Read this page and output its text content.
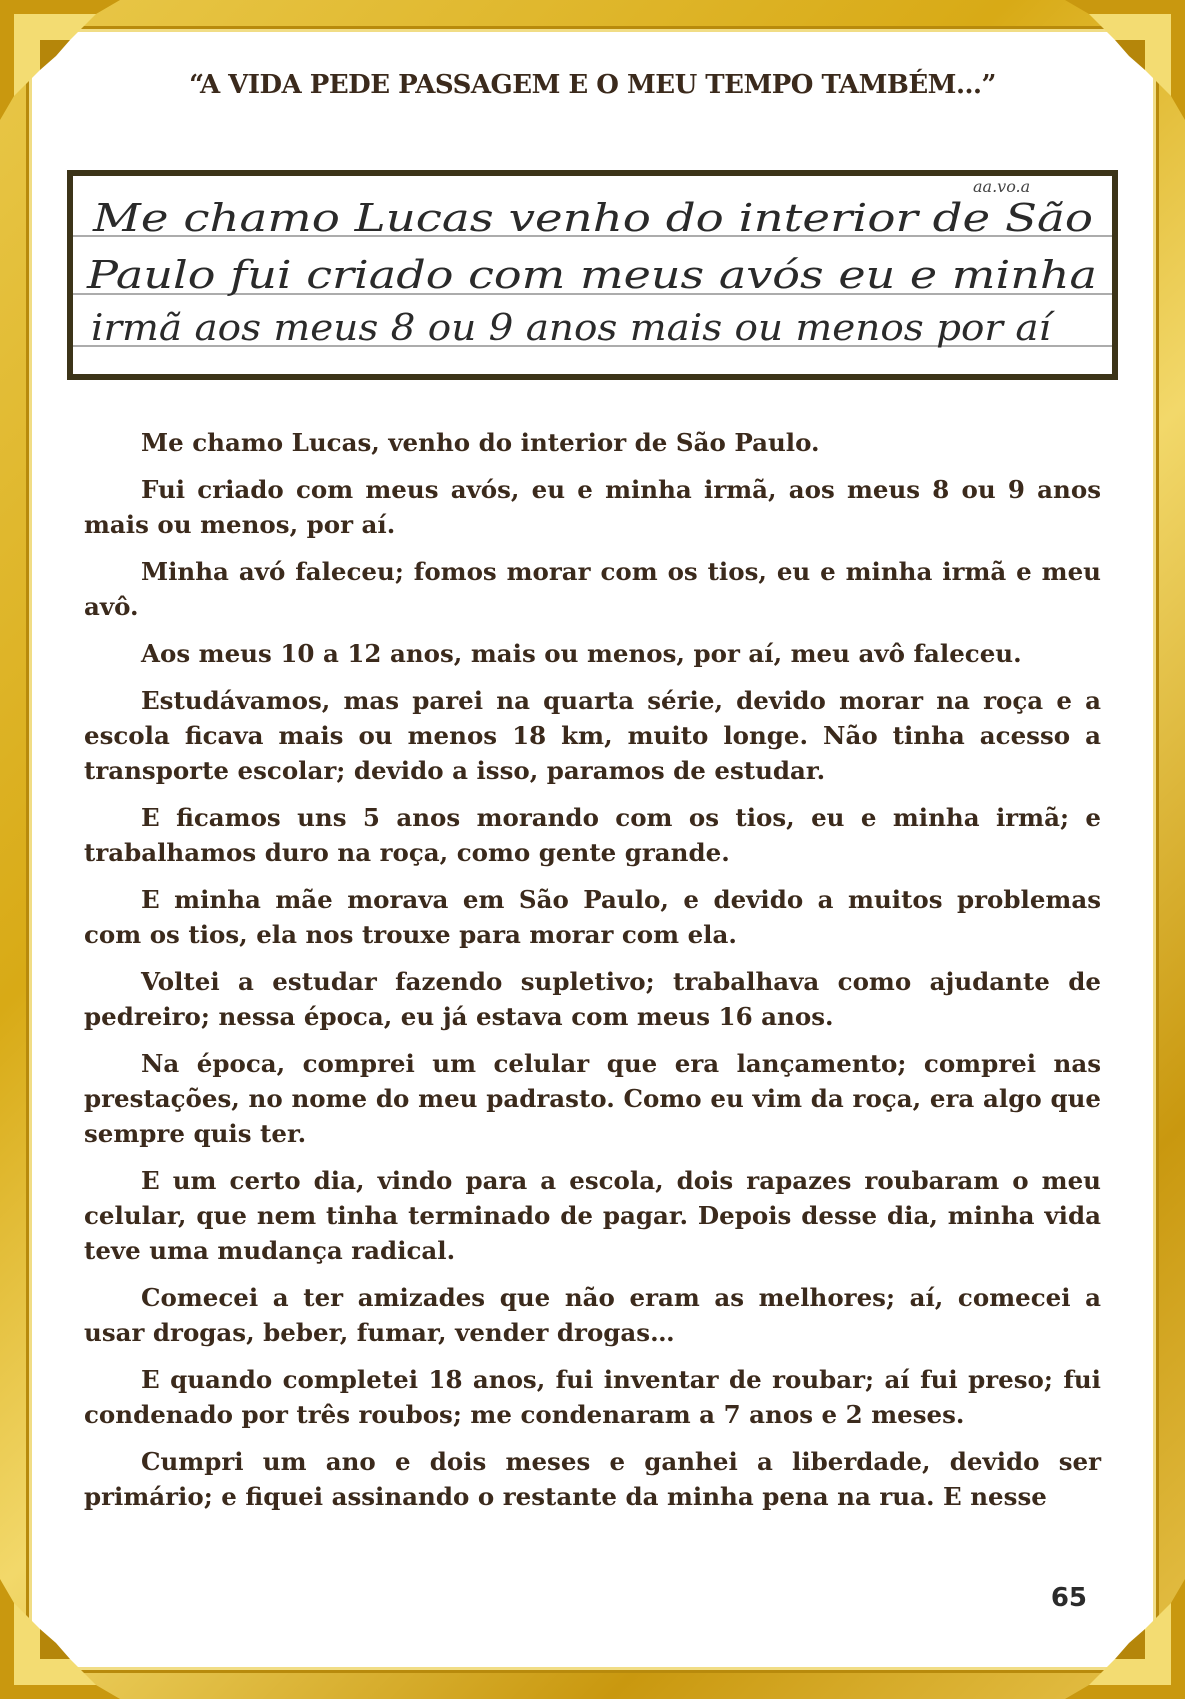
“A VIDA PEDE PASSAGEM E O MEU TEMPO TAMBÉM…”
aa.vo.a
Me chamo Lucas venho do interior de São
Paulo fui criado com meus avós eu e minha
irmã aos meus 8 ou 9 anos mais ou menos por aí

Me chamo Lucas, venho do interior de São Paulo.

Fui criado com meus avós, eu e minha irmã, aos meus 8 ou 9 anos mais ou menos, por aí.

Minha avó faleceu; fomos morar com os tios, eu e minha irmã e meu avô.

Aos meus 10 a 12 anos, mais ou menos, por aí, meu avô faleceu.

Estudávamos, mas parei na quarta série, devido morar na roça e a escola ficava mais ou menos 18 km, muito longe. Não tinha acesso a transporte escolar; devido a isso, paramos de estudar.

E ficamos uns 5 anos morando com os tios, eu e minha irmã; e trabalhamos duro na roça, como gente grande.

E minha mãe morava em São Paulo, e devido a muitos problemas com os tios, ela nos trouxe para morar com ela.

Voltei a estudar fazendo supletivo; trabalhava como ajudante de pedreiro; nessa época, eu já estava com meus 16 anos.

Na época, comprei um celular que era lançamento; comprei nas prestações, no nome do meu padrasto. Como eu vim da roça, era algo que sempre quis ter.

E um certo dia, vindo para a escola, dois rapazes roubaram o meu celular, que nem tinha terminado de pagar. Depois desse dia, minha vida teve uma mudança radical.

Comecei a ter amizades que não eram as melhores; aí, comecei a usar drogas, beber, fumar, vender drogas…

E quando completei 18 anos, fui inventar de roubar; aí fui preso; fui condenado por três roubos; me condenaram a 7 anos e 2 meses.

Cumpri um ano e dois meses e ganhei a liberdade, devido ser primário; e fiquei assinando o restante da minha pena na rua. E nesse

65
